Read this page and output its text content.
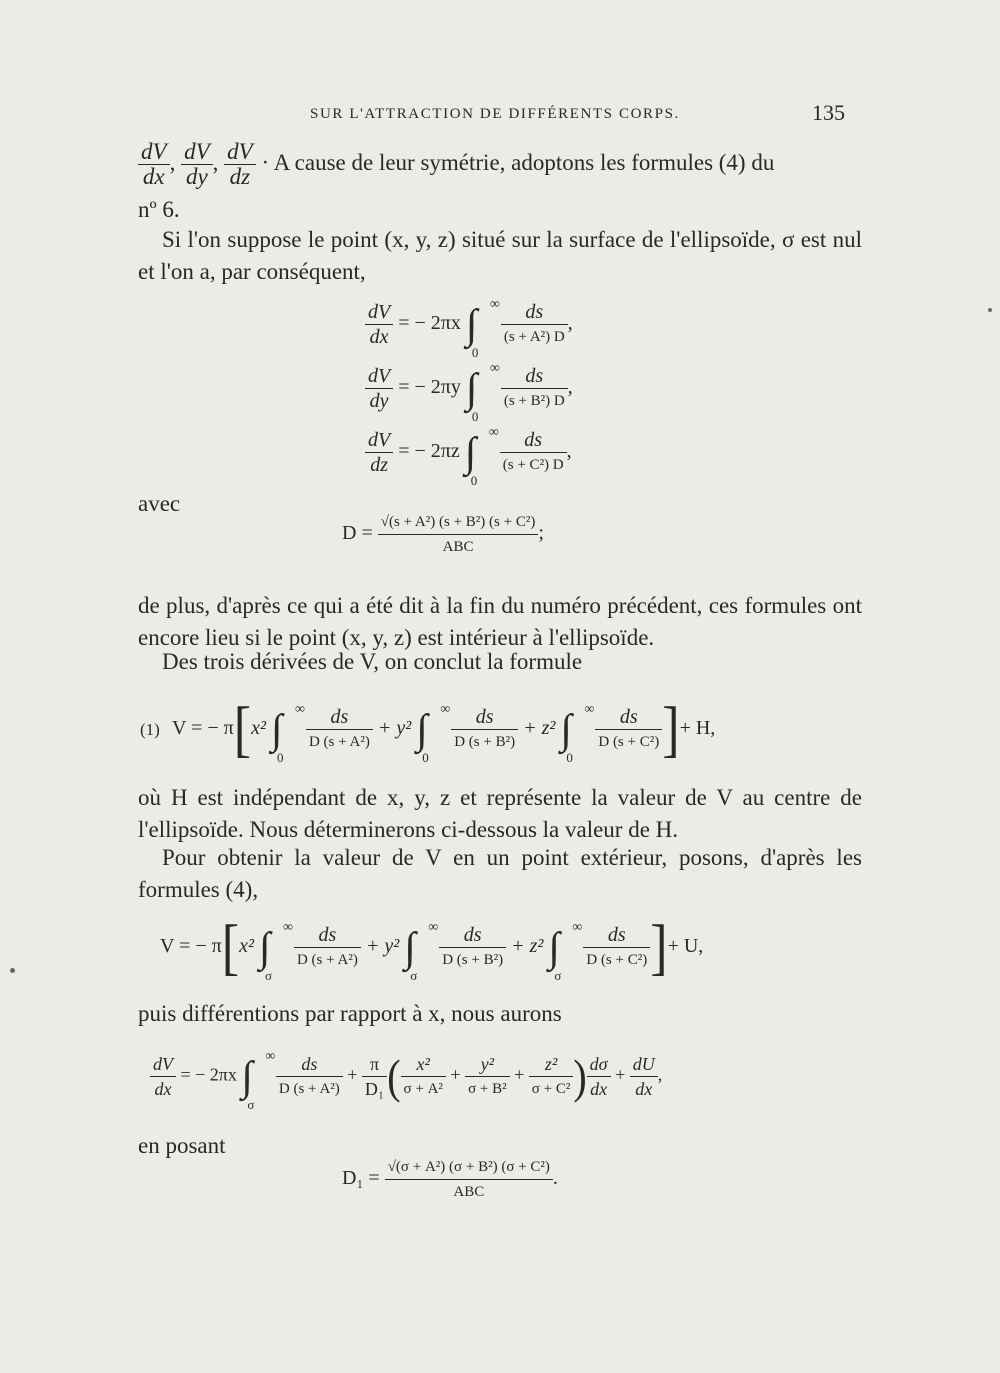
SUR L'ATTRACTION DE DIFFÉRENTS CORPS.	135
$\frac{dV}{dx}$ , $\frac{dV}{dy}$ , $\frac{dV}{dz} \cdot A$ cause de leur symétrie, adoptons les formules (4) du
nº 6.
Si l'on suppose le point (x, y, z) situé sur la surface de l'ellipsoïde, σ est nul et l'on a, par conséquent,
$\frac{dV}{dx}$ = − 2πx ∫ ∞
0

$\frac{ds}{\text{(s + A²) D}}$ ,
$\frac{dV}{dy}$ = − 2πy ∫ ∞
0

$\frac{ds}{\text{(s + B²) D}}$ ,
$\frac{dV}{dz}$ = − 2πz ∫ ∞
0

$\frac{ds}{\text{(s + C²) D}}$ ,
avec
$D = \frac{\text{√(s + A²) (s + B²) (s + C²)}}{\text{ABC}}$ ;
de plus, d'après ce qui a été dit à la fin du numéro précédent, ces formules ont encore lieu si le point (x, y, z) est intérieur à l'ellipsoïde.
Des trois dérivées de V, on conclut la formule
(1) V = − π[x² ∫ ∞
0

$\frac{ds}{\text{D (s + A²)}} + y^2$ ∫ ∞
0

$\frac{ds}{\text{D (s + B²)}} + z^2$ ∫ ∞
0

$\frac{ds}{\text{D (s + C²)}}$ ]+ H,
où H est indépendant de x, y, z et représente la valeur de V au centre de l'ellipsoïde. Nous déterminerons ci-dessous la valeur de H.
Pour obtenir la valeur de V en un point extérieur, posons, d'après les formules (4),
V = − π[x² ∫ ∞
σ

$\frac{ds}{\text{D (s + A²)}} + y^2$ ∫ ∞
σ

$\frac{ds}{\text{D (s + B²)}} + z^2$ ∫ ∞
σ

$\frac{ds}{\text{D (s + C²)}}$ ]+ U,
puis différentions par rapport à x, nous aurons
$\frac{dV}{dx}$ = − 2πx ∫ ∞
σ

$\frac{ds}{\text{D (s + A²)}} + \frac{\pi}{\text{D₁}}$ ( $\frac{\text{x²}}{\text{σ + A²}} + \frac{\text{y²}}{\text{σ + B²}} + \frac{\text{z²}}{\text{σ + C²}}$ ) $\frac{d\sigma}{dx} + \frac{dU}{dx}$ ,
en posant
$D_1 = \frac{\text{√(σ + A²) (σ + B²) (σ + C²)}}{\text{ABC}}$ .
